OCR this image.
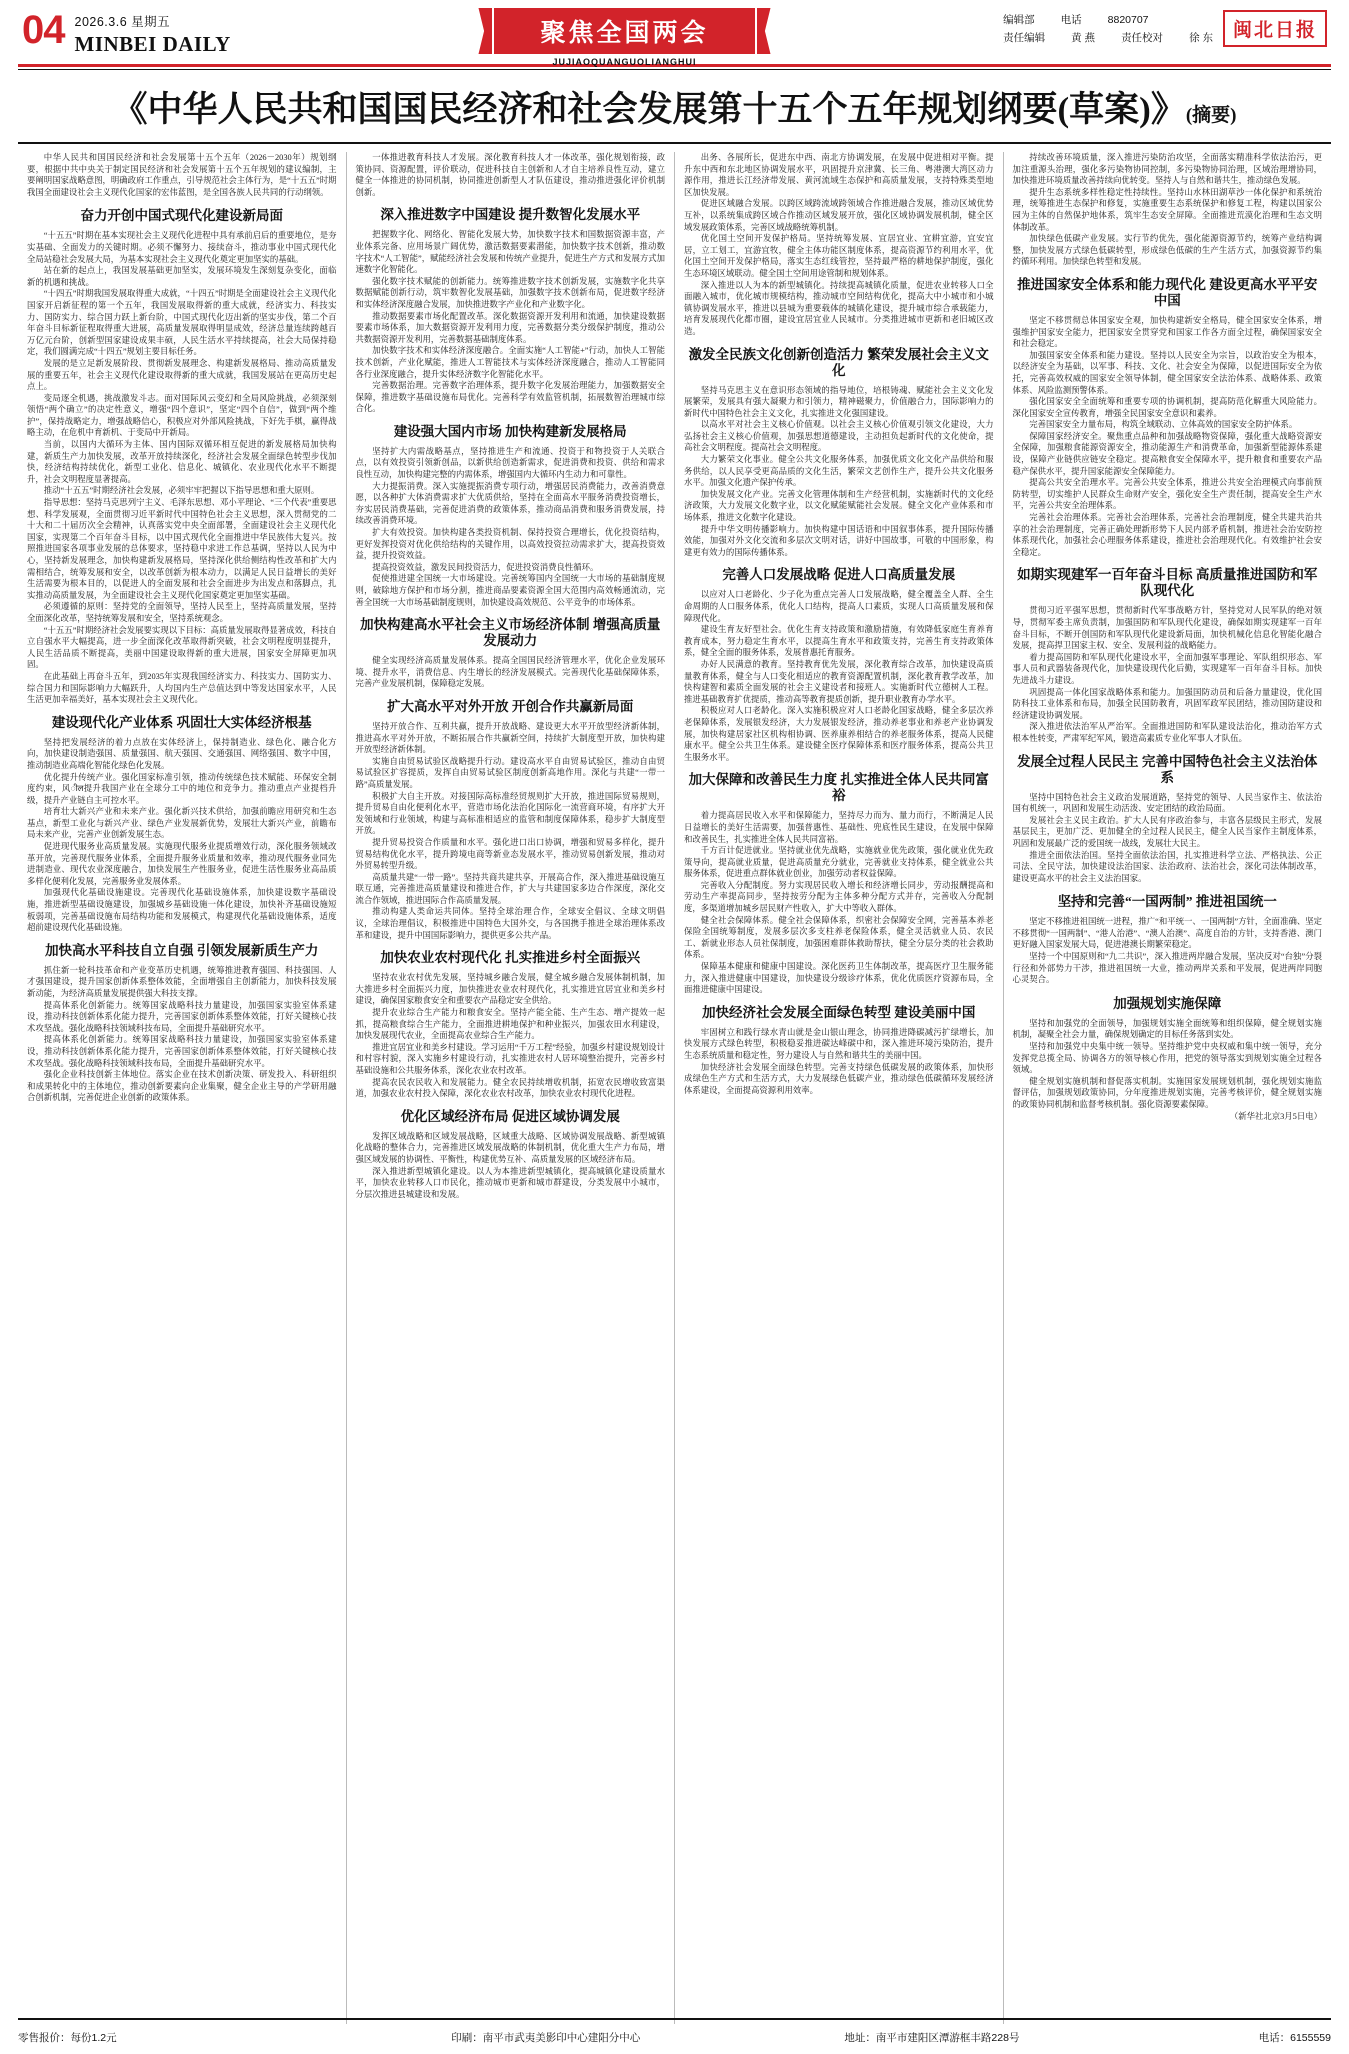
04 2026.3.6 星期五
MINBEI DAILY	聚焦全国两会
JUJIAOQUANGUOLIANGHUI
编辑部 电话 8820707
责任编辑 黄 燕 责任校对 徐 东	闽北日报
《中华人民共和国国民经济和社会发展第十五个五年规划纲要(草案)》(摘要)

中华人民共和国国民经济和社会发展第十五个五年（2026－2030年）规划纲要，根据中共中央关于制定国民经济和社会发展第十五个五年规划的建议编制，主要阐明国家战略意图，明确政府工作重点，引导规范社会主体行为，是“十五五”时期我国全面建设社会主义现代化国家的宏伟蓝图，是全国各族人民共同的行动纲领。

奋力开创中国式现代化建设新局面

“十五五”时期在基本实现社会主义现代化进程中具有承前启后的重要地位，是夯实基础、全面发力的关键时期。必须不懈努力、接续奋斗，推动事业中国式现代化全局站稳社会发展大局，为基本实现社会主义现代化奠定更加坚实的基础。

站在新的起点上，我国发展基础更加坚实，发展环境发生深刻复杂变化，面临新的机遇和挑战。

“十四五”时期我国发展取得重大成就，“十四五”时期是全面建设社会主义现代化国家开启新征程的第一个五年，我国发展取得新的重大成就，经济实力、科技实力、国防实力、综合国力跃上新台阶，中国式现代化迈出新的坚实步伐，第二个百年奋斗目标新征程取得重大进展，高质量发展取得明显成效，经济总量连续跨越百万亿元台阶，创新型国家建设成果丰硕，人民生活水平持续提高，社会大局保持稳定，我们圆满完成“十四五”规划主要目标任务。

发展的是立足新发展阶段、贯彻新发展理念、构建新发展格局、推动高质量发展的重要五年，社会主义现代化建设取得新的重大成就，我国发展站在更高历史起点上。

变局逐全机遇，挑战激发斗志。面对国际风云变幻和全局风险挑战，必须深刻领悟“两个确立”的决定性意义，增强“四个意识”，坚定“四个自信”，做到“两个维护”，保持战略定力，增强战略信心，积极应对外部风险挑战，下好先手棋，赢得战略主动，在危机中育新机、于变局中开新局。

当前，以国内大循环为主体、国内国际双循环相互促进的新发展格局加快构建，新质生产力加快发展，改革开放持续深化，经济社会发展全面绿色转型步伐加快，经济结构持续优化，新型工业化、信息化、城镇化、农业现代化水平不断提升，社会文明程度显著提高。

推动“十五五”时期经济社会发展，必须牢牢把握以下指导思想和重大原则。

指导思想：坚持马克思列宁主义、毛泽东思想、邓小平理论、“三个代表”重要思想、科学发展观，全面贯彻习近平新时代中国特色社会主义思想，深入贯彻党的二十大和二十届历次全会精神，认真落实党中央全面部署，全面建设社会主义现代化国家，实现第二个百年奋斗目标，以中国式现代化全面推进中华民族伟大复兴。按照推进国家各项事业发展的总体要求，坚持稳中求进工作总基调，坚持以人民为中心，坚持新发展理念，加快构建新发展格局，坚持深化供给侧结构性改革和扩大内需相结合，统筹发展和安全，以改革创新为根本动力，以满足人民日益增长的美好生活需要为根本目的，以促进人的全面发展和社会全面进步为出发点和落脚点，扎实推动高质量发展，为全面建设社会主义现代化国家奠定更加坚实基础。

必须遵循的原则：坚持党的全面领导，坚持人民至上，坚持高质量发展，坚持全面深化改革，坚持统筹发展和安全，坚持系统观念。

“十五五”时期经济社会发展要实现以下目标：高质量发展取得显著成效，科技自立自强水平大幅提高，进一步全面深化改革取得新突破，社会文明程度明显提升，人民生活品质不断提高，美丽中国建设取得新的重大进展，国家安全屏障更加巩固。

在此基础上再奋斗五年，到2035年实现我国经济实力、科技实力、国防实力、综合国力和国际影响力大幅跃升，人均国内生产总值达到中等发达国家水平，人民生活更加幸福美好，基本实现社会主义现代化。

建设现代化产业体系 巩固壮大实体经济根基

坚持把发展经济的着力点放在实体经济上，保持制造业、绿色化、融合化方向，加快建设制造强国、质量强国、航天强国、交通强国、网络强国、数字中国，推动制造业高端化智能化绿色化发展。

优化提升传统产业。强化国家标准引领，推动传统绿色技术赋能、环保安全制度约束，风ील提升我国产业在全球分工中的地位和竞争力。推动重点产业提档升级，提升产业链自主可控水平。

培育壮大新兴产业和未来产业。强化新兴技术供给，加强前瞻应用研究和生态基点，新型工业化与新兴产业、绿色产业发展新优势，发展壮大新兴产业，前瞻布局未来产业，完善产业创新发展生态。

促进现代服务业高质量发展。实施现代服务业提质增效行动，深化服务领域改革开放，完善现代服务业体系，全面提升服务业质量和效率，推动现代服务业同先进制造业、现代农业深度融合，加快发展生产性服务业，促进生活性服务业高品质多样化便利化发展，完善服务业发展体系。

加强现代化基础设施建设。完善现代化基础设施体系，加快建设数字基础设施，推进新型基础设施建设，加强城乡基础设施一体化建设，加快补齐基础设施短板弱项，完善基础设施布局结构功能和发展模式，构建现代化基础设施体系，适度超前建设现代化基础设施。

加快高水平科技自立自强 引领发展新质生产力

抓住新一轮科技革命和产业变革历史机遇，统筹推进教育强国、科技强国、人才强国建设，提升国家创新体系整体效能，全面增强自主创新能力，加快科技发展新动能，为经济高质量发展提供强大科技支撑。

提高体系化创新能力。统筹国家战略科技力量建设，加强国家实验室体系建设，推动科技创新体系化能力提升，完善国家创新体系整体效能，打好关键核心技术攻坚战。强化战略科技领域科技布局，全面提升基础研究水平。

提高体系化创新能力。统筹国家战略科技力量建设，加强国家实验室体系建设，推动科技创新体系化能力提升，完善国家创新体系整体效能，打好关键核心技术攻坚战。强化战略科技领域科技布局，全面提升基础研究水平。

强化企业科技创新主体地位。落实企业在技术创新决策、研发投入、科研组织和成果转化中的主体地位，推动创新要素向企业集聚，健全企业主导的产学研用融合创新机制，完善促进企业创新的政策体系。

一体推进教育科技人才发展。深化教育科技人才一体改革，强化规划衔接，政策协同、资源配置，评价联动，促进科技自主创新和人才自主培养良性互动，建立健全一体推进的协同机制，协同推进创新型人才队伍建设，推动推进强化评价机制创新。

深入推进数字中国建设 提升数智化发展水平

把握数字化、网络化、智能化发展大势，加快数字技术和国数据资源丰富，产业体系完备、应用场景广阔优势，激活数据要素潜能，加快数字技术创新，推动数字技术“人工智能”，赋能经济社会发展和传统产业提升，促进生产方式和发展方式加速数字化智能化。

强化数字技术赋能的创新能力。统筹推进数字技术创新发展，实施数字化共享数据赋能创新行动，筑牢数智化发展基础，加强数字技术创新布局，促进数字经济和实体经济深度融合发展，加快推进数字产业化和产业数字化。

推动数据要素市场化配置改革。深化数据资源开发利用和流通，加快建设数据要素市场体系，加大数据资源开发利用力度，完善数据分类分级保护制度，推动公共数据资源开发利用，完善数据基础制度体系。

加快数字技术和实体经济深度融合。全面实施“人工智能+”行动，加快人工智能技术创新，产业化赋能，推进人工智能技术与实体经济深度融合，推动人工智能同各行业深度融合，提升实体经济数字化智能化水平。

完善数据治理。完善数字治理体系，提升数字化发展治理能力，加强数据安全保障，推进数字基础设施布局优化。完善科学有效监管机制，拓展数智治理城市综合化。

建设强大国内市场 加快构建新发展格局

坚持扩大内需战略基点，坚持推进生产和流通、投资于和物投资于人关联合点，以有效投资引领新创品，以新供给创造新需求，促进消费和投资、供给和需求良性互动，加快构建完整的内需体系，增强国内大循环内生动力和可靠性。

大力提振消费。深入实施提振消费专项行动，增强居民消费能力，改善消费意愿，以各种扩大体消费需求扩大优质供给，坚持在全面高水平服务消费投资增长，夯实居民消费基础，完善促进消费的政策体系，推动商品消费和服务消费发展，持续改善消费环境。

扩大有效投资。加快构建各类投资机制、保持投资合理增长，优化投资结构，更好发挥投资对优化供给结构的关键作用，以高效投资拉动需求扩大，提高投资效益，提升投资效益。

提高投资效益，激发民间投资活力，促进投资消费良性循环。

促使推进建全国统一大市场建设。完善统筹国内全国统一大市场的基础制度规则，破除地方保护和市场分割，推进商品要素资源全国大范围内高效畅通流动，完善全国统一大市场基础制度规则，加快建设高效规范、公平竞争的市场体系。

加快构建高水平社会主义市场经济体制 增强高质量发展动力

健全实现经济高质量发展体系。提高全国国民经济管理水平，优化企业发展环境、提升水平，消费信息、内生增长的经济发展模式。完善现代化基础保障体系，完善产业发展机制，保障稳定发展。

扩大高水平对外开放 开创合作共赢新局面

坚持开放合作、互利共赢，提升开放战略、建设更大水平开放型经济新体制，推进高水平对外开放，不断拓展合作共赢新空间，持续扩大制度型开放，加快构建开放型经济新体制。

实施自由贸易试验区战略提升行动。建设高水平自由贸易试验区，推动自由贸易试验区扩容提质，发挥自由贸易试验区制度创新高地作用。深化与共建“一带一路”高质量发展。

积极扩大自主开放。对接国际高标准经贸规则扩大开放，推进国际贸易规则，提升贸易自由化便利化水平，营造市场化法治化国际化一流营商环境，有序扩大开发领域和行业领域，构建与高标准相适应的监管和制度保障体系，稳步扩大制度型开放。

提升贸易投资合作质量和水平。强化进口出口协调，增强和贸易多样化，提升贸易结构优化水平，提升跨境电商等新业态发展水平，推动贸易创新发展，推动对外贸易转型升级。

高质量共建“一带一路”。坚持共商共建共享，开展高合作，深入推进基础设施互联互通，完善推进高质量建设和推进合作，扩大与共建国家多边合作深度，深化交流合作领域，推进国际合作高质量发展。

推动构建人类命运共同体。坚持全球治理合作，全球安全倡议、全球文明倡议，全球治理倡议，积极推进中国特色大国外交，与各国携手推进全球治理体系改革和建设，提升中国国际影响力，提供更多公共产品。

加快农业农村现代化 扎实推进乡村全面振兴

坚持农业农村优先发展，坚持城乡融合发展，健全城乡融合发展体制机制，加大推进乡村全面振兴力度，加快推进农业农村现代化，扎实推进宜居宜业和美乡村建设，确保国家粮食安全和重要农产品稳定安全供给。

提升农业综合生产能力和粮食安全。坚持产能全能、生产生态、增产提效一起抓，提高粮食综合生产能力，全面推进耕地保护和种业振兴，加强农田水利建设，加快发展现代农业，全面提高农业综合生产能力。

推进宜居宜业和美乡村建设。学习运用“千万工程”经验，加强乡村建设规划设计和村容村貌，深入实施乡村建设行动，扎实推进农村人居环境整治提升，完善乡村基础设施和公共服务体系，深化农业农村改革。

提高农民农民收入和发展能力。健全农民持续增收机制，拓宽农民增收致富渠道，加强农业农村投入保障，深化农业农村改革，加快农业农村现代化进程。

优化区域经济布局 促进区域协调发展

发挥区域战略和区域发展战略，区域重大战略、区域协调发展战略、新型城镇化战略的整体合力，完善推进区域发展战略的体制机制，优化重大生产力布局，增强区域发展的协调性、平衡性，构建优势互补、高质量发展的区域经济布局。

深入推进新型城镇化建设。以人为本推进新型城镇化，提高城镇化建设质量水平，加快农业转移人口市民化，推动城市更新和城市群建设，分类发展中小城市，分层次推进县城建设和发展。

出务、各展所长，促进东中西、南北方协调发展，在发展中促进相对平衡。提升东中西和东北地区协调发展水平，巩固提升京津冀、长三角、粤港澳大湾区动力源作用，推进长江经济带发展、黄河流域生态保护和高质量发展，支持特殊类型地区加快发展。

促进区域融合发展。以跨区域跨流域跨领域合作推进融合发展，推动区域优势互补，以系统集成跨区域合作推动区域发展开放，强化区域协调发展机制，健全区域发展政策体系，完善区域战略统筹机制。

优化国土空间开发保护格局。坚持统筹发展、宜居宜业、宜耕宜游，宜安宜居，立工划工，宜游宜牧，健全主体功能区制度体系，提高资源节约利用水平，优化国土空间开发保护格局，落实生态红线管控，坚持最严格的耕地保护制度，强化生态环境区域联动。健全国土空间用途管制和规划体系。

深入推进以人为本的新型城镇化。持续提高城镇化质量，促进农业转移人口全面融入城市，优化城市规模结构，推动城市空间结构优化，提高大中小城市和小城镇协调发展水平，推进以县城为重要载体的城镇化建设，提升城市综合承载能力，培育发展现代化都市圈，建设宜居宜业人民城市。分类推进城市更新和老旧城区改造。

激发全民族文化创新创造活力 繁荣发展社会主义文化

坚持马克思主义在意识形态领域的指导地位，培根铸魂、赋能社会主义文化发展繁荣，发展具有强大凝聚力和引领力，精神磁聚力，价值融合力，国际影响力的新时代中国特色社会主义文化，扎实推进文化强国建设。

以高水平对社会主义核心价值观。以社会主义核心价值观引领文化建设，大力弘扬社会主义核心价值观，加强思想道德建设，主动担负起新时代的文化使命，提高社会文明程度。提高社会文明程度。

大力繁荣文化事业。健全公共文化服务体系，加强优质文化文化产品供给和服务供给，以人民享受更高品质的文化生活，繁荣文艺创作生产，提升公共文化服务水平。加强文化遗产保护传承。

加快发展文化产业。完善文化管理体制和生产经营机制，实施新时代的文化经济政策，大力发展文化数字业，以文化赋能赋能社会发展。健全文化产业体系和市场体系，推进文化数字化建设。

提升中华文明传播影响力。加快构建中国话语和中国叙事体系，提升国际传播效能，加强对外文化交流和多层次文明对话，讲好中国故事，可敬的中国形象，构建更有效力的国际传播体系。

完善人口发展战略 促进人口高质量发展

以应对人口老龄化、少子化为重点完善人口发展战略，健全覆盖全人群、全生命周期的人口服务体系，优化人口结构，提高人口素质，实现人口高质量发展和保障现代化。

建设生育友好型社会。优化生育支持政策和激励措施，有效降低家庭生育养育教育成本，努力稳定生育水平，以提高生育水平和政策支持，完善生育支持政策体系，健全全面的服务体系，发展普惠托育服务。

办好人民满意的教育。坚持教育优先发展，深化教育综合改革，加快建设高质量教育体系，健全与人口变化相适应的教育资源配置机制，深化教育教学改革，加快构建智和素质全面发展的社会主义建设者和接班人。实施新时代立德树人工程。推进基础教育扩优提质，推动高等教育提质创新，提升职业教育办学水平。

积极应对人口老龄化。深入实施积极应对人口老龄化国家战略，健全多层次养老保障体系，发展银发经济，大力发展银发经济，推动养老事业和养老产业协调发展，加快构建居家社区机构相协调、医养康养相结合的养老服务体系，提高人民健康水平。健全公共卫生体系。建设健全医疗保障体系和医疗服务体系，提高公共卫生服务水平。

加大保障和改善民生力度 扎实推进全体人民共同富裕

着力提高居民收入水平和保障能力，坚持尽力而为、量力而行，不断满足人民日益增长的美好生活需要，加强普惠性、基础性、兜底性民生建设，在发展中保障和改善民生，扎实推进全体人民共同富裕。

千方百计促进就业。坚持就业优先战略，实施就业优先政策，强化就业优先政策导向，提高就业质量，促进高质量充分就业，完善就业支持体系，健全就业公共服务体系，促进重点群体就业创业，加强劳动者权益保障。

完善收入分配制度。努力实现居民收入增长和经济增长同步，劳动报酬提高和劳动生产率提高同步，坚持按劳分配为主体多种分配方式并存，完善收入分配制度，多渠道增加城乡居民财产性收入，扩大中等收入群体。

健全社会保障体系。健全社会保障体系，织密社会保障安全网，完善基本养老保险全国统筹制度，发展多层次多支柱养老保险体系，健全灵活就业人员、农民工、新就业形态人员社保制度，加强困难群体救助帮扶，健全分层分类的社会救助体系。

保障基本健康和健康中国建设。深化医药卫生体制改革，提高医疗卫生服务能力，深入推进健康中国建设，加快建设分级诊疗体系，优化优质医疗资源布局，全面推进健康中国建设。

加快经济社会发展全面绿色转型 建设美丽中国

牢固树立和践行绿水青山就是金山银山理念，协同推进降碳减污扩绿增长，加快发展方式绿色转型，积极稳妥推进碳达峰碳中和，深入推进环境污染防治，提升生态系统质量和稳定性，努力建设人与自然和谐共生的美丽中国。

加快经济社会发展全面绿色转型。完善支持绿色低碳发展的政策体系，加快形成绿色生产方式和生活方式，大力发展绿色低碳产业，推动绿色低碳循环发展经济体系建设，全面提高资源利用效率。

持续改善环境质量，深入推进污染防治攻坚，全面落实精准科学依法治污，更加注重源头治理，强化多污染物协同控制，多污染物协同治理，区域治理增协同，加快推进环境质量改善持续向优转变。坚持人与自然和谐共生，推动绿色发展。

提升生态系统多样性稳定性持续性。坚持山水林田湖草沙一体化保护和系统治理，统筹推进生态保护和修复，实施重要生态系统保护和修复工程，构建以国家公园为主体的自然保护地体系，筑牢生态安全屏障。全面推进荒漠化治理和生态文明体制改革。

加快绿色低碳产业发展。实行节约优先，强化能源资源节约，统筹产业结构调整，加快发展方式绿色低碳转型，形成绿色低碳的生产生活方式，加强资源节约集约循环利用。加快绿色转型和发展。

推进国家安全体系和能力现代化 建设更高水平平安中国

坚定不移贯彻总体国家安全观，加快构建新安全格局，健全国家安全体系，增强维护国家安全能力，把国家安全贯穿党和国家工作各方面全过程，确保国家安全和社会稳定。

加强国家安全体系和能力建设。坚持以人民安全为宗旨，以政治安全为根本，以经济安全为基础，以军事、科技、文化、社会安全为保障，以促进国际安全为依托，完善高效权威的国家安全领导体制，健全国家安全法治体系、战略体系、政策体系、风险监测预警体系。

强化国家安全全面统筹和重要专项的协调机制，提高防范化解重大风险能力。深化国家安全宣传教育，增强全民国家安全意识和素养。

完善国家安全力量布局，构筑全域联动、立体高效的国家安全防护体系。

保障国家经济安全。聚焦重点品种和加强战略物资保障，强化重大战略资源安全保障，加强粮食能源资源安全，推动能源生产和消费革命，加强新型能源体系建设，保障产业链供应链安全稳定。提高粮食安全保障水平，提升粮食和重要农产品稳产保供水平，提升国家能源安全保障能力。

提高公共安全治理水平。完善公共安全体系，推进公共安全治理模式向事前预防转型，切实维护人民群众生命财产安全，强化安全生产责任制，提高安全生产水平，完善公共安全治理体系。

完善社会治理体系。完善社会治理体系，完善社会治理制度，健全共建共治共享的社会治理制度，完善正确处理新形势下人民内部矛盾机制，推进社会治安防控体系现代化，加强社会心理服务体系建设，推进社会治理现代化。有效维护社会安全稳定。

如期实现建军一百年奋斗目标 高质量推进国防和军队现代化

贯彻习近平强军思想，贯彻新时代军事战略方针，坚持党对人民军队的绝对领导，贯彻军委主席负责制，加强国防和军队现代化建设，确保如期实现建军一百年奋斗目标，不断开创国防和军队现代化建设新局面，加快机械化信息化智能化融合发展，提高捍卫国家主权、安全、发展利益的战略能力。

着力提高国防和军队现代化建设水平，全面加强军事理论、军队组织形态、军事人员和武器装备现代化，加快建设现代化后勤，实现建军一百年奋斗目标。加快先进战斗力建设。

巩固提高一体化国家战略体系和能力。加强国防动员和后备力量建设，优化国防科技工业体系和布局，加强全民国防教育，巩固军政军民团结，推动国防建设和经济建设协调发展。

深入推进依法治军从严治军。全面推进国防和军队建设法治化，推动治军方式根本性转变，严肃军纪军风，锻造高素质专业化军事人才队伍。

发展全过程人民民主 完善中国特色社会主义法治体系

坚持中国特色社会主义政治发展道路，坚持党的领导、人民当家作主、依法治国有机统一，巩固和发展生动活泼、安定团结的政治局面。

发展社会主义民主政治。扩大人民有序政治参与，丰富各层级民主形式，发展基层民主，更加广泛、更加健全的全过程人民民主，健全人民当家作主制度体系，巩固和发展最广泛的爱国统一战线，发展壮大民主。

推进全面依法治国。坚持全面依法治国，扎实推进科学立法、严格执法、公正司法、全民守法，加快建设法治国家、法治政府、法治社会，深化司法体制改革，建设更高水平的社会主义法治国家。

坚持和完善“一国两制” 推进祖国统一

坚定不移推进祖国统一进程，推广“和平统一、一国两制”方针，全面准确、坚定不移贯彻“一国两制”、“港人治港”、“澳人治澳”、高度自治的方针，支持香港、澳门更好融入国家发展大局，促进港澳长期繁荣稳定。

坚持一个中国原则和“九二共识”，深入推进两岸融合发展，坚决反对“台独”分裂行径和外部势力干涉，推进祖国统一大业，推动两岸关系和平发展，促进两岸同胞心灵契合。

加强规划实施保障

坚持和加强党的全面领导，加强规划实施全面统筹和组织保障，健全规划实施机制，凝聚全社会力量，确保规划确定的目标任务落到实处。

坚持和加强党中央集中统一领导。坚持维护党中央权威和集中统一领导，充分发挥党总揽全局、协调各方的领导核心作用，把党的领导落实到规划实施全过程各领域。

健全规划实施机制和督促落实机制。实施国家发展规划机制，强化规划实施监督评估，加强规划政策协同，分年度推进规划实施，完善考核评价，健全规划实施的政策协同机制和监督考核机制。强化资源要素保障。

（新华社北京3月5日电）

零售报价：每份1.2元	印刷：南平市武夷美影印中心建阳分中心	地址：南平市建阳区潭游框丰路228号	电话：6155559
